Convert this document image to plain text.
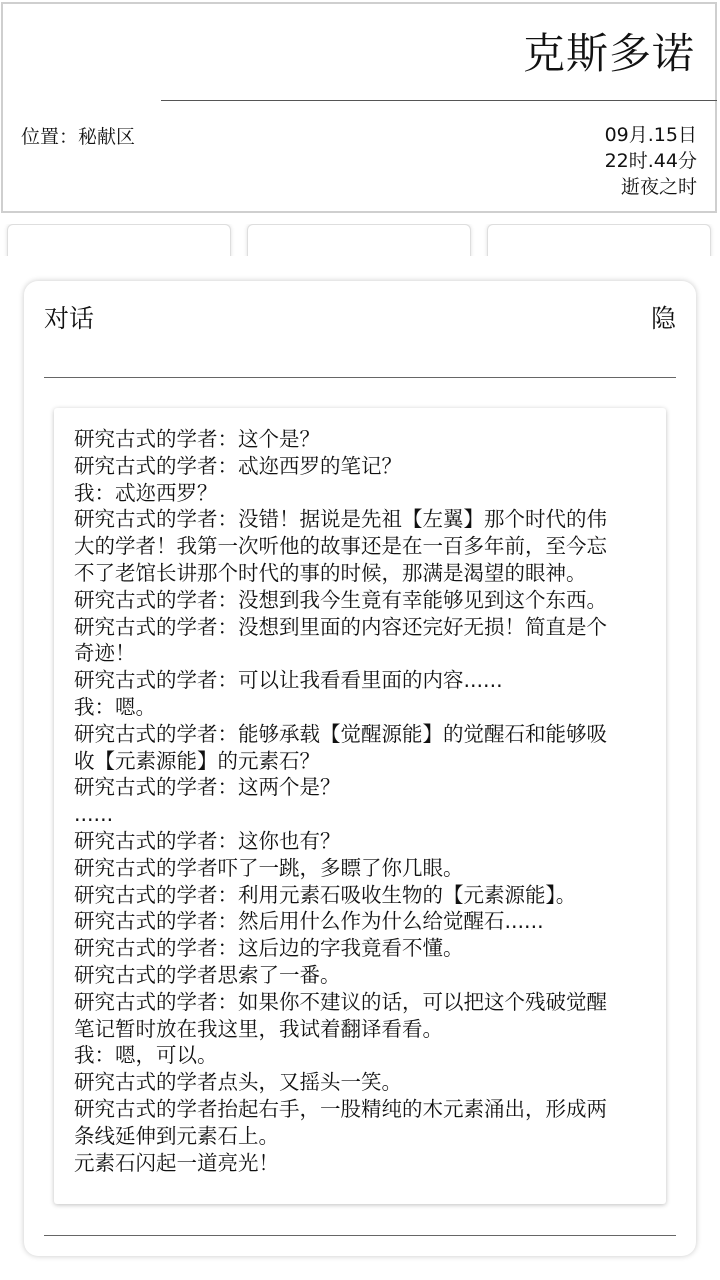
克斯多诺
位置：秘献区	09月.15日
22时.44分
逝夜之时
对话	隐
研究古式的学者：这个是？
研究古式的学者：忒迩西罗的笔记？
我：忒迩西罗？
研究古式的学者：没错！据说是先祖【左翼】那个时代的伟
大的学者！我第一次听他的故事还是在一百多年前，至今忘
不了老馆长讲那个时代的事的时候，那满是渴望的眼神。
研究古式的学者：没想到我今生竟有幸能够见到这个东西。
研究古式的学者：没想到里面的内容还完好无损！简直是个
奇迹！
研究古式的学者：可以让我看看里面的内容......
我：嗯。
研究古式的学者：能够承载【觉醒源能】的觉醒石和能够吸
收【元素源能】的元素石？
研究古式的学者：这两个是？
......
研究古式的学者：这你也有？
研究古式的学者吓了一跳，多瞟了你几眼。
研究古式的学者：利用元素石吸收生物的【元素源能】。
研究古式的学者：然后用什么作为什么给觉醒石......
研究古式的学者：这后边的字我竟看不懂。
研究古式的学者思索了一番。
研究古式的学者：如果你不建议的话，可以把这个残破觉醒
笔记暂时放在我这里，我试着翻译看看。
我：嗯，可以。
研究古式的学者点头，又摇头一笑。
研究古式的学者抬起右手，一股精纯的木元素涌出，形成两
条线延伸到元素石上。
元素石闪起一道亮光！
